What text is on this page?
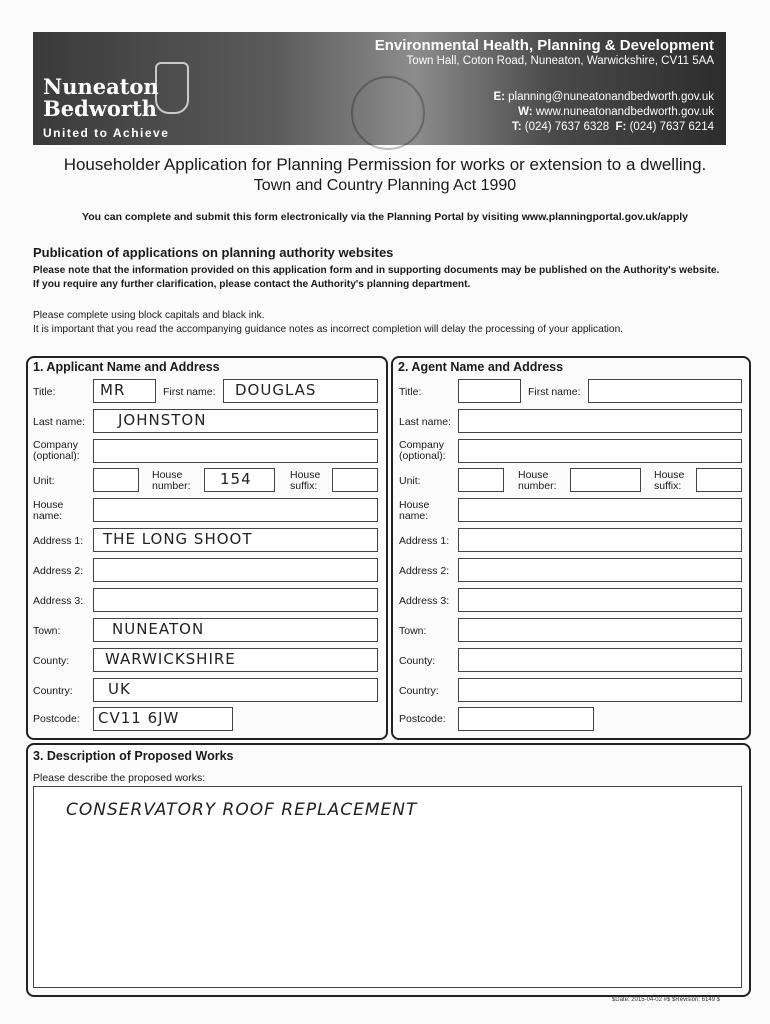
Nuneaton
Bedworth
United to Achieve
Environmental Health, Planning & Development
Town Hall, Coton Road, Nuneaton, Warwickshire, CV11 5AA
E: planning@nuneatonandbedworth.gov.uk
W: www.nuneatonandbedworth.gov.uk
T: (024) 7637 6328 F: (024) 7637 6214
Householder Application for Planning Permission for works or extension to a dwelling.
Town and Country Planning Act 1990
You can complete and submit this form electronically via the Planning Portal by visiting www.planningportal.gov.uk/apply
Publication of applications on planning authority websites
Please note that the information provided on this application form and in supporting documents may be published on the Authority's website. If you require any further clarification, please contact the Authority's planning department.
Please complete using block capitals and black ink.
It is important that you read the accompanying guidance notes as incorrect completion will delay the processing of your application.
1. Applicant Name and Address
Title:	MR	First name: DOUGLAS
Last name: JOHNSTON
Company (optional):
Unit:	House number:	154	House suffix:
House name:
Address 1: THE LONG SHOOT
Address 2:
Address 3:
Town:	NUNEATON
County: WARWICKSHIRE
Country: UK
Postcode: CV11 6JW
2. Agent Name and Address
Title:	First name:
Last name:
Company (optional):
Unit:	House number:
House suffix:
House name:
Address 1:
Address 2:
Address 3:
Town:
County:
Country:
Postcode:
3. Description of Proposed Works
Please describe the proposed works:
CONSERVATORY ROOF REPLACEMENT
$Date: 2015-04-02 #$ $Revision: 6149 $
